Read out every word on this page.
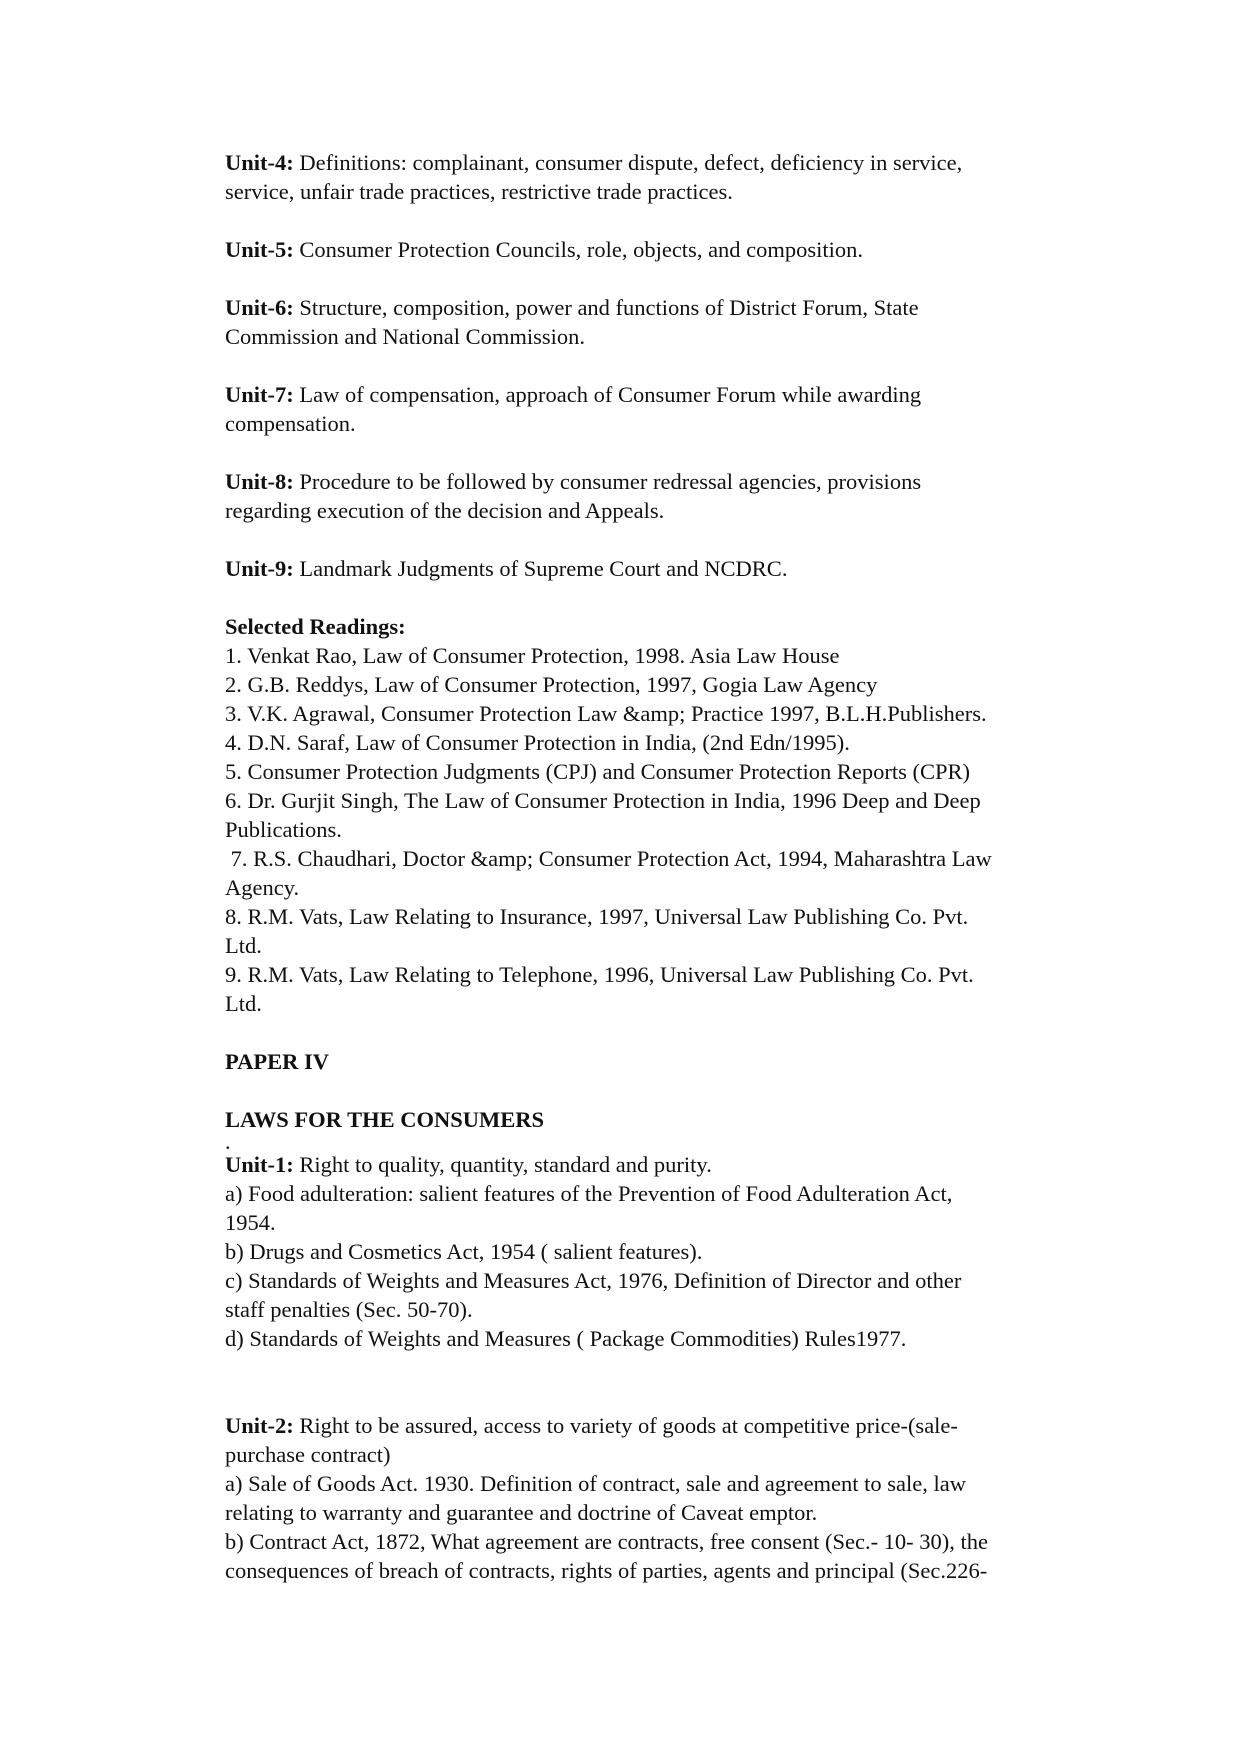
Unit-4: Definitions: complainant, consumer dispute, defect, deficiency in service,
service, unfair trade practices, restrictive trade practices.
Unit-5: Consumer Protection Councils, role, objects, and composition.
Unit-6: Structure, composition, power and functions of District Forum, State
Commission and National Commission.
Unit-7: Law of compensation, approach of Consumer Forum while awarding
compensation.
Unit-8: Procedure to be followed by consumer redressal agencies, provisions
regarding execution of the decision and Appeals.
Unit-9: Landmark Judgments of Supreme Court and NCDRC.
Selected Readings:
1. Venkat Rao, Law of Consumer Protection, 1998. Asia Law House
2. G.B. Reddys, Law of Consumer Protection, 1997, Gogia Law Agency
3. V.K. Agrawal, Consumer Protection Law &amp; Practice 1997, B.L.H.Publishers.
4. D.N. Saraf, Law of Consumer Protection in India, (2nd Edn/1995).
5. Consumer Protection Judgments (CPJ) and Consumer Protection Reports (CPR)
6. Dr. Gurjit Singh, The Law of Consumer Protection in India, 1996 Deep and Deep
Publications.
7. R.S. Chaudhari, Doctor &amp; Consumer Protection Act, 1994, Maharashtra Law
Agency.
8. R.M. Vats, Law Relating to Insurance, 1997, Universal Law Publishing Co. Pvt.
Ltd.
9. R.M. Vats, Law Relating to Telephone, 1996, Universal Law Publishing Co. Pvt.
Ltd.
PAPER IV
LAWS FOR THE CONSUMERS
.
Unit-1: Right to quality, quantity, standard and purity.
a) Food adulteration: salient features of the Prevention of Food Adulteration Act,
1954.
b) Drugs and Cosmetics Act, 1954 ( salient features).
c) Standards of Weights and Measures Act, 1976, Definition of Director and other
staff penalties (Sec. 50-70).
d) Standards of Weights and Measures ( Package Commodities) Rules1977.
Unit-2: Right to be assured, access to variety of goods at competitive price-(sale-
purchase contract)
a) Sale of Goods Act. 1930. Definition of contract, sale and agreement to sale, law
relating to warranty and guarantee and doctrine of Caveat emptor.
b) Contract Act, 1872, What agreement are contracts, free consent (Sec.- 10- 30), the
consequences of breach of contracts, rights of parties, agents and principal (Sec.226-
